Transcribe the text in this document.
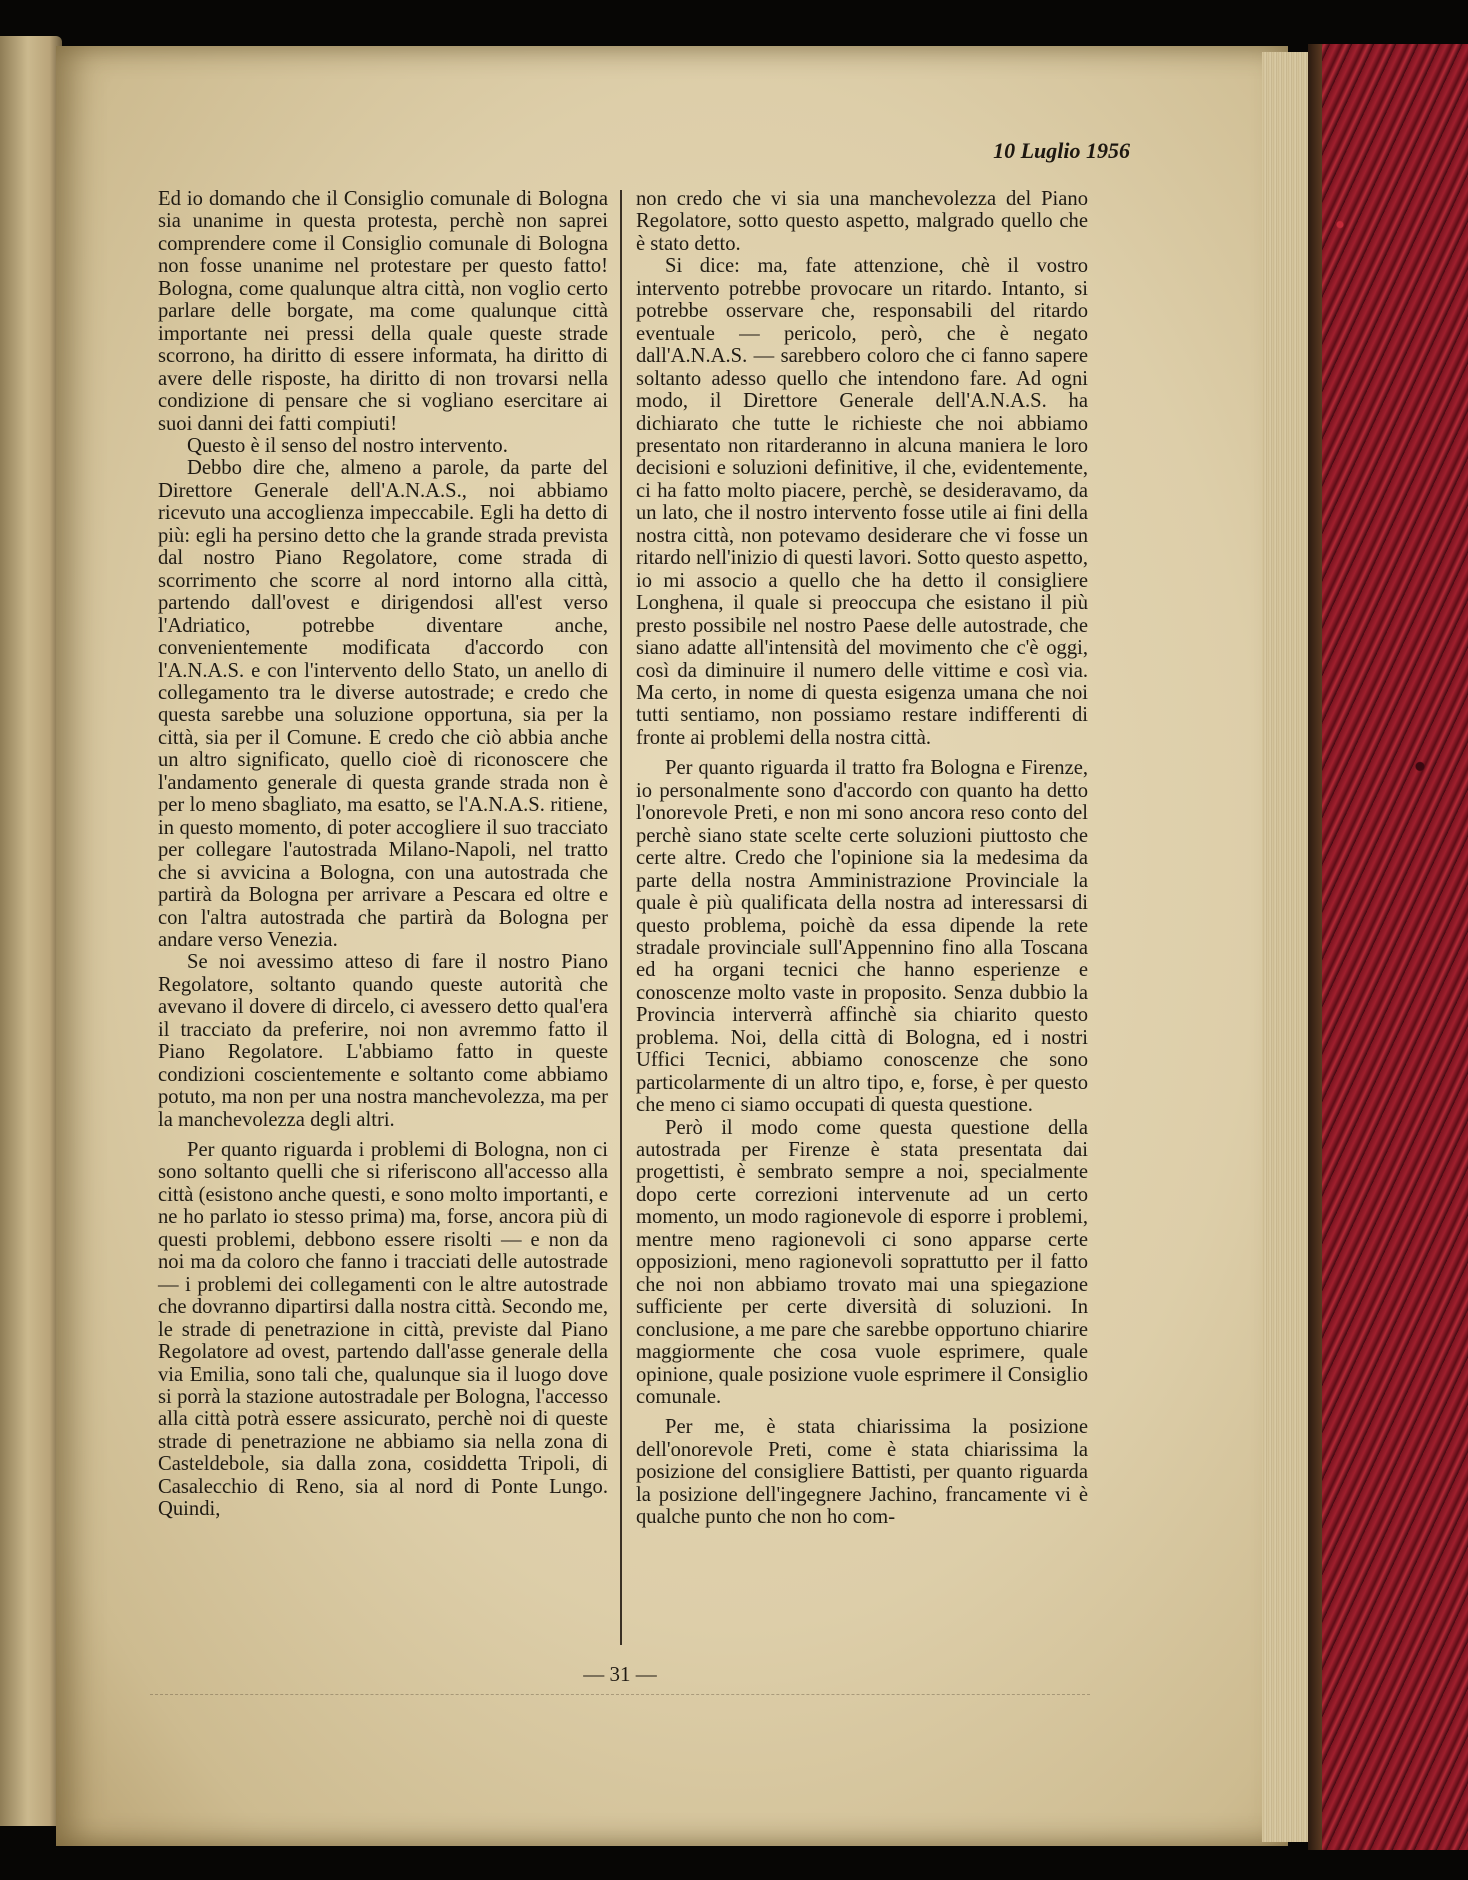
10 Luglio 1956

Ed io domando che il Consiglio comunale di Bologna sia unanime in questa protesta, perchè non saprei comprendere come il Consiglio comunale di Bologna non fosse unanime nel protestare per questo fatto! Bologna, come qualunque altra città, non voglio certo parlare delle borgate, ma come qualunque città importante nei pressi della quale queste strade scorrono, ha diritto di essere informata, ha diritto di avere delle risposte, ha diritto di non trovarsi nella condizione di pensare che si vogliano esercitare ai suoi danni dei fatti compiuti!

Questo è il senso del nostro intervento.

Debbo dire che, almeno a parole, da parte del Direttore Generale dell'A.N.A.S., noi abbiamo ricevuto una accoglienza impeccabile. Egli ha detto di più: egli ha persino detto che la grande strada prevista dal nostro Piano Regolatore, come strada di scorrimento che scorre al nord intorno alla città, partendo dall'ovest e dirigendosi all'est verso l'Adriatico, potrebbe diventare anche, convenientemente modificata d'accordo con l'A.N.A.S. e con l'intervento dello Stato, un anello di collegamento tra le diverse autostrade; e credo che questa sarebbe una soluzione opportuna, sia per la città, sia per il Comune. E credo che ciò abbia anche un altro significato, quello cioè di riconoscere che l'andamento generale di questa grande strada non è per lo meno sbagliato, ma esatto, se l'A.N.A.S. ritiene, in questo momento, di poter accogliere il suo tracciato per collegare l'autostrada Milano-Napoli, nel tratto che si avvicina a Bologna, con una autostrada che partirà da Bologna per arrivare a Pescara ed oltre e con l'altra autostrada che partirà da Bologna per andare verso Venezia.

Se noi avessimo atteso di fare il nostro Piano Regolatore, soltanto quando queste autorità che avevano il dovere di dircelo, ci avessero detto qual'era il tracciato da preferire, noi non avremmo fatto il Piano Regolatore. L'abbiamo fatto in queste condizioni coscientemente e soltanto come abbiamo potuto, ma non per una nostra manchevolezza, ma per la manchevolezza degli altri.

Per quanto riguarda i problemi di Bologna, non ci sono soltanto quelli che si riferiscono all'accesso alla città (esistono anche questi, e sono molto importanti, e ne ho parlato io stesso prima) ma, forse, ancora più di questi problemi, debbono essere risolti — e non da noi ma da coloro che fanno i tracciati delle autostrade — i problemi dei collegamenti con le altre autostrade che dovranno dipartirsi dalla nostra città. Secondo me, le strade di penetrazione in città, previste dal Piano Regolatore ad ovest, partendo dall'asse generale della via Emilia, sono tali che, qualunque sia il luogo dove si porrà la stazione autostradale per Bologna, l'accesso alla città potrà essere assicurato, perchè noi di queste strade di penetrazione ne abbiamo sia nella zona di Casteldebole, sia dalla zona, cosiddetta Tripoli, di Casalecchio di Reno, sia al nord di Ponte Lungo. Quindi,

non credo che vi sia una manchevolezza del Piano Regolatore, sotto questo aspetto, malgrado quello che è stato detto.

Si dice: ma, fate attenzione, chè il vostro intervento potrebbe provocare un ritardo. Intanto, si potrebbe osservare che, responsabili del ritardo eventuale — pericolo, però, che è negato dall'A.N.A.S. — sarebbero coloro che ci fanno sapere soltanto adesso quello che intendono fare. Ad ogni modo, il Direttore Generale dell'A.N.A.S. ha dichiarato che tutte le richieste che noi abbiamo presentato non ritarderanno in alcuna maniera le loro decisioni e soluzioni definitive, il che, evidentemente, ci ha fatto molto piacere, perchè, se desideravamo, da un lato, che il nostro intervento fosse utile ai fini della nostra città, non potevamo desiderare che vi fosse un ritardo nell'inizio di questi lavori. Sotto questo aspetto, io mi associo a quello che ha detto il consigliere Longhena, il quale si preoccupa che esistano il più presto possibile nel nostro Paese delle autostrade, che siano adatte all'intensità del movimento che c'è oggi, così da diminuire il numero delle vittime e così via. Ma certo, in nome di questa esigenza umana che noi tutti sentiamo, non possiamo restare indifferenti di fronte ai problemi della nostra città.

Per quanto riguarda il tratto fra Bologna e Firenze, io personalmente sono d'accordo con quanto ha detto l'onorevole Preti, e non mi sono ancora reso conto del perchè siano state scelte certe soluzioni piuttosto che certe altre. Credo che l'opinione sia la medesima da parte della nostra Amministrazione Provinciale la quale è più qualificata della nostra ad interessarsi di questo problema, poichè da essa dipende la rete stradale provinciale sull'Appennino fino alla Toscana ed ha organi tecnici che hanno esperienze e conoscenze molto vaste in proposito. Senza dubbio la Provincia interverrà affinchè sia chiarito questo problema. Noi, della città di Bologna, ed i nostri Uffici Tecnici, abbiamo conoscenze che sono particolarmente di un altro tipo, e, forse, è per questo che meno ci siamo occupati di questa questione.

Però il modo come questa questione della autostrada per Firenze è stata presentata dai progettisti, è sembrato sempre a noi, specialmente dopo certe correzioni intervenute ad un certo momento, un modo ragionevole di esporre i problemi, mentre meno ragionevoli ci sono apparse certe opposizioni, meno ragionevoli soprattutto per il fatto che noi non abbiamo trovato mai una spiegazione sufficiente per certe diversità di soluzioni. In conclusione, a me pare che sarebbe opportuno chiarire maggiormente che cosa vuole esprimere, quale opinione, quale posizione vuole esprimere il Consiglio comunale.

Per me, è stata chiarissima la posizione dell'onorevole Preti, come è stata chiarissima la posizione del consigliere Battisti, per quanto riguarda la posizione dell'ingegnere Jachino, francamente vi è qualche punto che non ho com-

— 31 —
